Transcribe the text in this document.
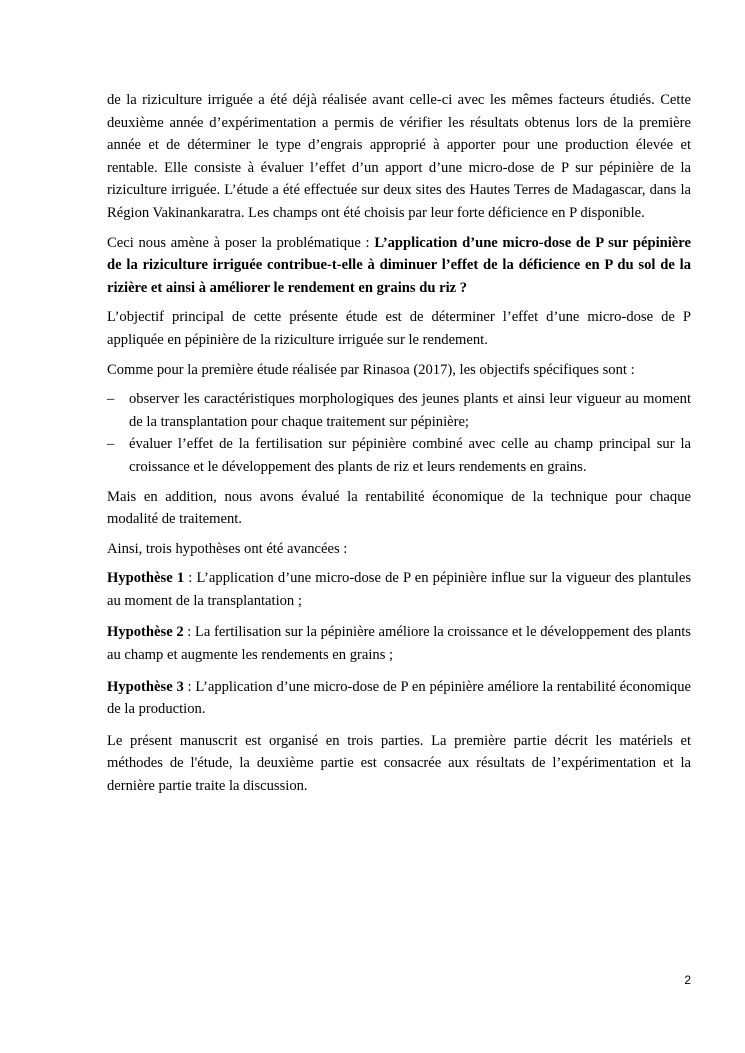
de la riziculture irriguée a été déjà réalisée avant celle-ci avec les mêmes facteurs étudiés. Cette deuxième année d’expérimentation a permis de vérifier les résultats obtenus lors de la première année et de déterminer le type d’engrais approprié à apporter pour une production élevée et rentable. Elle consiste à évaluer l’effet d’un apport d’une micro-dose de P sur pépinière de la riziculture irriguée. L’étude a été effectuée sur deux sites des Hautes Terres de Madagascar, dans la Région Vakinankaratra. Les champs ont été choisis par leur forte déficience en P disponible.

Ceci nous amène à poser la problématique : L’application d’une micro-dose de P sur pépinière de la riziculture irriguée contribue-t-elle à diminuer l’effet de la déficience en P du sol de la rizière et ainsi à améliorer le rendement en grains du riz ?

L’objectif principal de cette présente étude est de déterminer l’effet d’une micro-dose de P appliquée en pépinière de la riziculture irriguée sur le rendement.

Comme pour la première étude réalisée par Rinasoa (2017), les objectifs spécifiques sont :

– observer les caractéristiques morphologiques des jeunes plants et ainsi leur vigueur au moment de la transplantation pour chaque traitement sur pépinière;
– évaluer l’effet de la fertilisation sur pépinière combiné avec celle au champ principal sur la croissance et le développement des plants de riz et leurs rendements en grains.

Mais en addition, nous avons évalué la rentabilité économique de la technique pour chaque modalité de traitement.

Ainsi, trois hypothèses ont été avancées :

Hypothèse 1 : L’application d’une micro-dose de P en pépinière influe sur la vigueur des plantules au moment de la transplantation ;

Hypothèse 2 : La fertilisation sur la pépinière améliore la croissance et le développement des plants au champ et augmente les rendements en grains ;

Hypothèse 3 : L’application d’une micro-dose de P en pépinière améliore la rentabilité économique de la production.

Le présent manuscrit est organisé en trois parties. La première partie décrit les matériels et méthodes de l'étude, la deuxième partie est consacrée aux résultats de l’expérimentation et la dernière partie traite la discussion.

2
